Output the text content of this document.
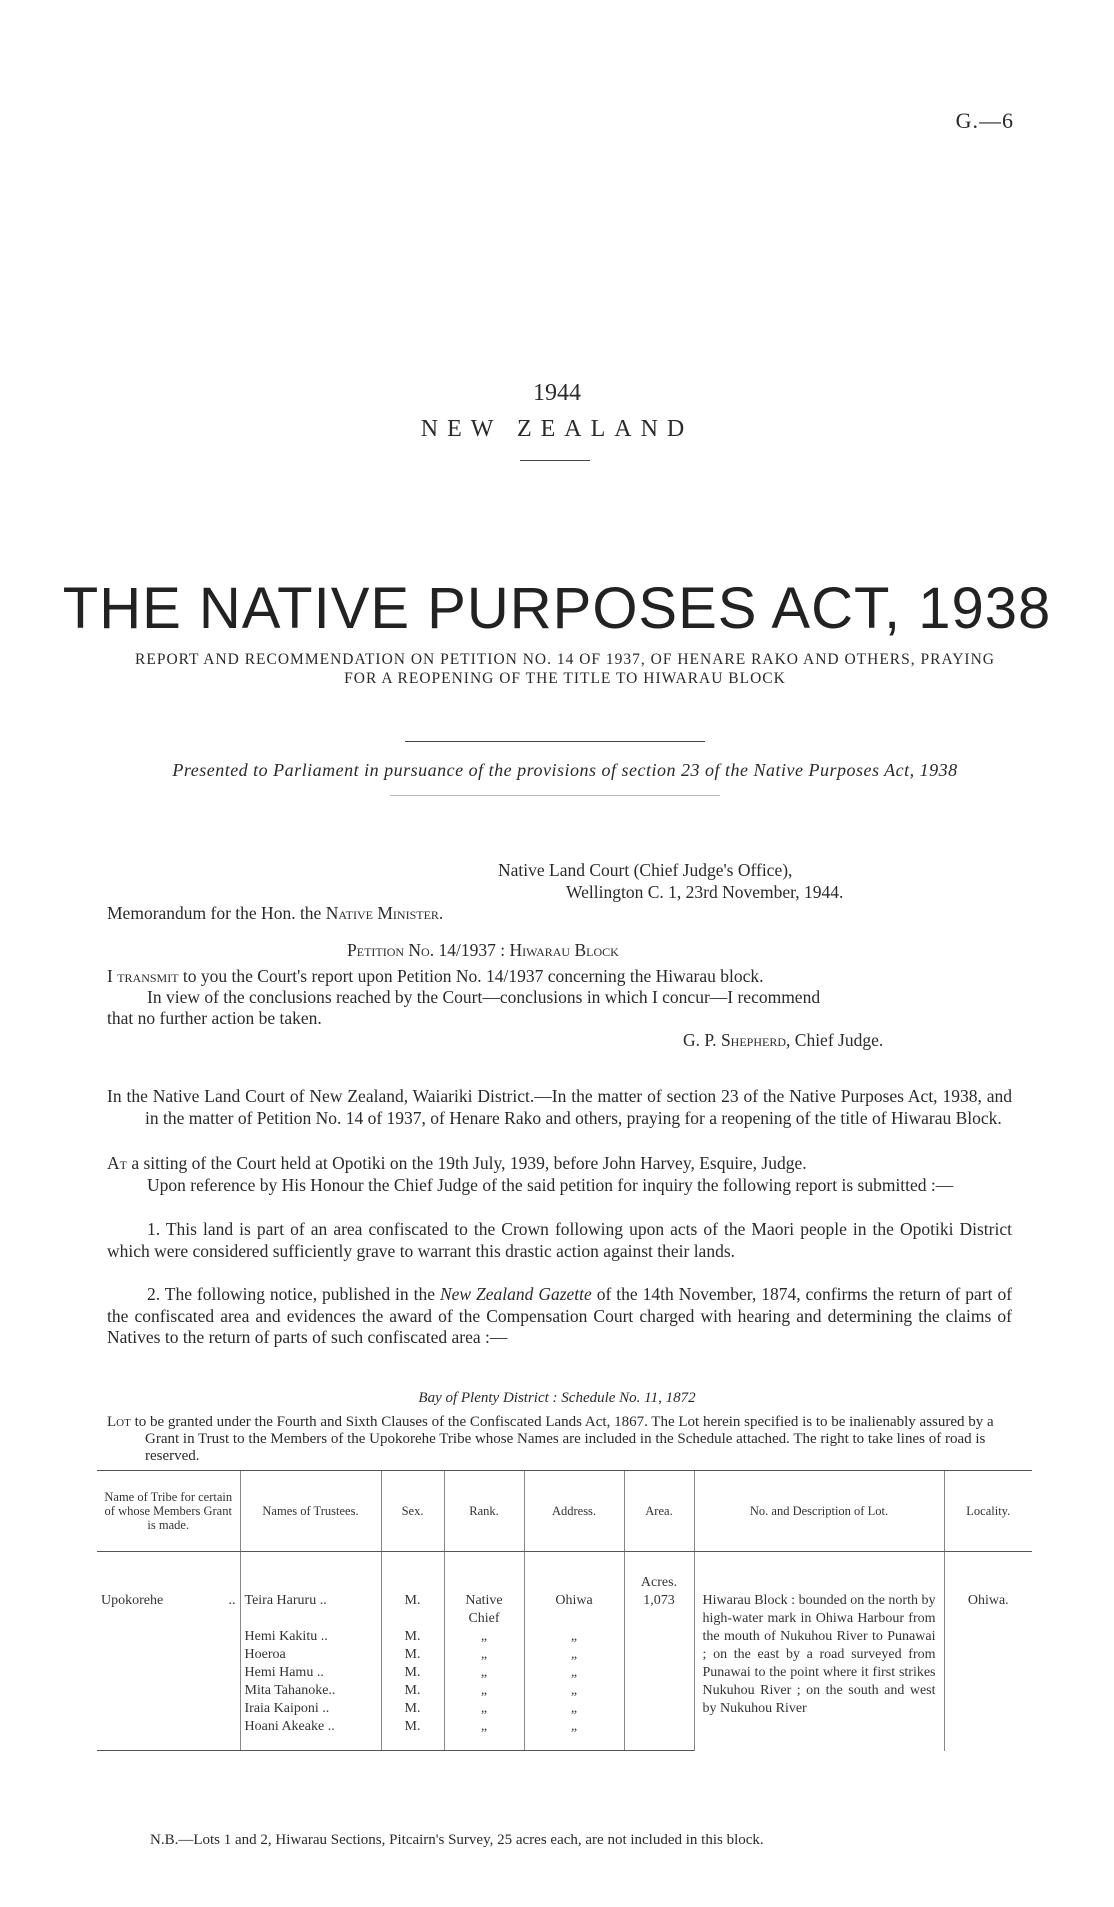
G.—6
1944
NEW ZEALAND
THE NATIVE PURPOSES ACT, 1938
REPORT AND RECOMMENDATION ON PETITION NO. 14 OF 1937, OF HENARE RAKO AND OTHERS, PRAYING FOR A REOPENING OF THE TITLE TO HIWARAU BLOCK
Presented to Parliament in pursuance of the provisions of section 23 of the Native Purposes Act, 1938
Native Land Court (Chief Judge's Office),
Wellington C. 1, 23rd November, 1944.
Memorandum for the Hon. the Native Minister.
Petition No. 14/1937 : Hiwarau Block
I transmit to you the Court's report upon Petition No. 14/1937 concerning the Hiwarau block.
In view of the conclusions reached by the Court—conclusions in which I concur—I recommend
that no further action be taken.
G. P. Shepherd, Chief Judge.
In the Native Land Court of New Zealand, Waiariki District.—In the matter of section 23 of the Native Purposes Act, 1938, and in the matter of Petition No. 14 of 1937, of Henare Rako and others, praying for a reopening of the title of Hiwarau Block.
At a sitting of the Court held at Opotiki on the 19th July, 1939, before John Harvey, Esquire, Judge.
Upon reference by His Honour the Chief Judge of the said petition for inquiry the following report is submitted :—
1. This land is part of an area confiscated to the Crown following upon acts of the Maori people in the Opotiki District which were considered sufficiently grave to warrant this drastic action against their lands.
2. The following notice, published in the New Zealand Gazette of the 14th November, 1874, confirms the return of part of the confiscated area and evidences the award of the Compensation Court charged with hearing and determining the claims of Natives to the return of parts of such confiscated area :—
Bay of Plenty District : Schedule No. 11, 1872
Lot to be granted under the Fourth and Sixth Clauses of the Confiscated Lands Act, 1867. The Lot herein specified is to be inalienably assured by a Grant in Trust to the Members of the Upokorehe Tribe whose Names are included in the Schedule attached. The right to take lines of road is reserved.
Name of Tribe for certain of whose Members Grant is made.	Names of Trustees.	Sex.	Rank.	Address.	Area.	No. and Description of Lot.	Locality.
					Acres.		
Upokorehe ..	Teira Haruru ..	M.	Native Chief	Ohiwa	1,073	Hiwarau Block : bounded on the north by high-water mark in Ohiwa Harbour from the mouth of Nukuhou River to Punawai ; on the east by a road surveyed from Punawai to the point where it first strikes Nukuhou River ; on the south and west by Nukuhou River	Ohiwa.
	Hemi Kakitu ..	M.	„	„			
	Hoeroa	M.	„	„			
	Hemi Hamu ..	M.	„	„			
	Mita Tahanoke..	M.	„	„			
	Iraia Kaiponi ..	M.	„	„			
	Hoani Akeake ..	M.	„	„			
N.B.—Lots 1 and 2, Hiwarau Sections, Pitcairn's Survey, 25 acres each, are not included in this block.
